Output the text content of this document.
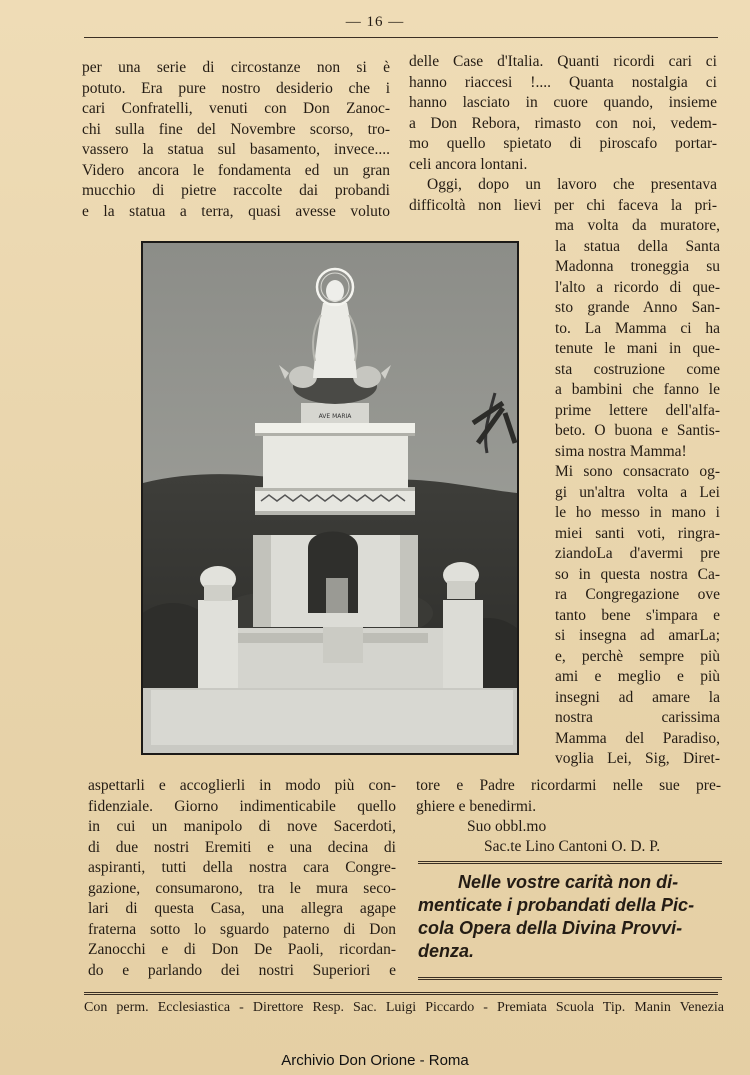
— 16 —
per una serie di circostanze non si è
potuto. Era pure nostro desiderio che i
cari Confratelli, venuti con Don Zanoc-
chi sulla fine del Novembre scorso, tro-
vassero la statua sul basamento, invece....
Videro ancora le fondamenta ed un gran
mucchio di pietre raccolte dai probandi
e la statua a terra, quasi avesse voluto
delle Case d'Italia. Quanti ricordi cari ci
hanno riaccesi !.... Quanta nostalgia ci
hanno lasciato in cuore quando, insieme
a Don Rebora, rimasto con noi, vedem-
mo quello spietato di piroscafo portar-
celi ancora lontani.
Oggi, dopo un lavoro che presentava
difficoltà non lievi per chi faceva la pri-
AVE MARIA
ma volta da muratore,
la statua della Santa
Madonna troneggia su
l'alto a ricordo di que-
sto grande Anno San-
to. La Mamma ci ha
tenute le mani in que-
sta costruzione come
a bambini che fanno le
prime lettere dell'alfa-
beto. O buona e Santis-
sima nostra Mamma!
Mi sono consacrato og-
gi un'altra volta a Lei
le ho messo in mano i
miei santi voti, ringra-
ziandoLa d'avermi pre
so in questa nostra Ca-
ra Congregazione ove
tanto bene s'impara e
si insegna ad amarLa;
e, perchè sempre più
ami e meglio e più
insegni ad amare la
nostra carissima
Mamma del Paradiso,
voglia Lei, Sig, Diret-
aspettarli e accoglierli in modo più con-
fidenziale. Giorno indimenticabile quello
in cui un manipolo di nove Sacerdoti,
di due nostri Eremiti e una decina di
aspiranti, tutti della nostra cara Congre-
gazione, consumarono, tra le mura seco-
lari di questa Casa, una allegra agape
fraterna sotto lo sguardo paterno di Don
Zanocchi e di Don De Paoli, ricordan-
do e parlando dei nostri Superiori e
tore e Padre ricordarmi nelle sue pre-
ghiere e benedirmi.
Suo obbl.mo
Sac.te Lino Cantoni O. D. P.
Nelle vostre carità non di-
menticate i probandati della Pic-
cola Opera della Divina Provvi-
denza.
Con perm. Ecclesiastica - Direttore Resp. Sac. Luigi Piccardo - Premiata Scuola Tip. Manin Venezia
Archivio Don Orione - Roma
